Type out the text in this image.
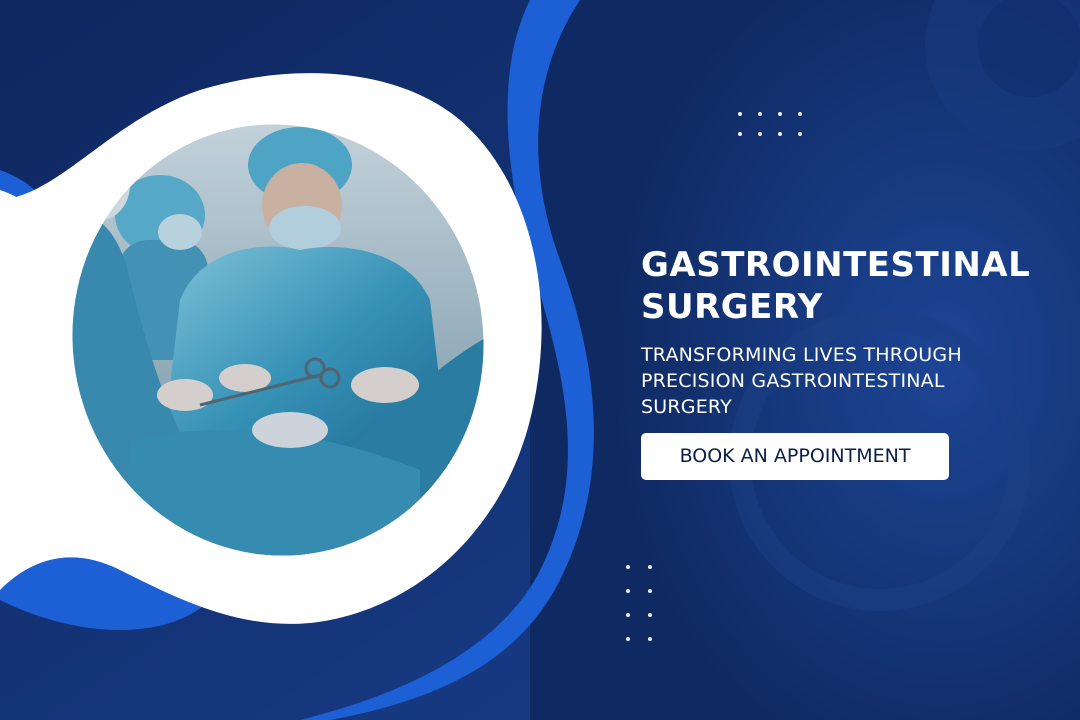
GASTROINTESTINAL
SURGERY

TRANSFORMING LIVES THROUGH
PRECISION GASTROINTESTINAL
SURGERY

BOOK AN APPOINTMENT
